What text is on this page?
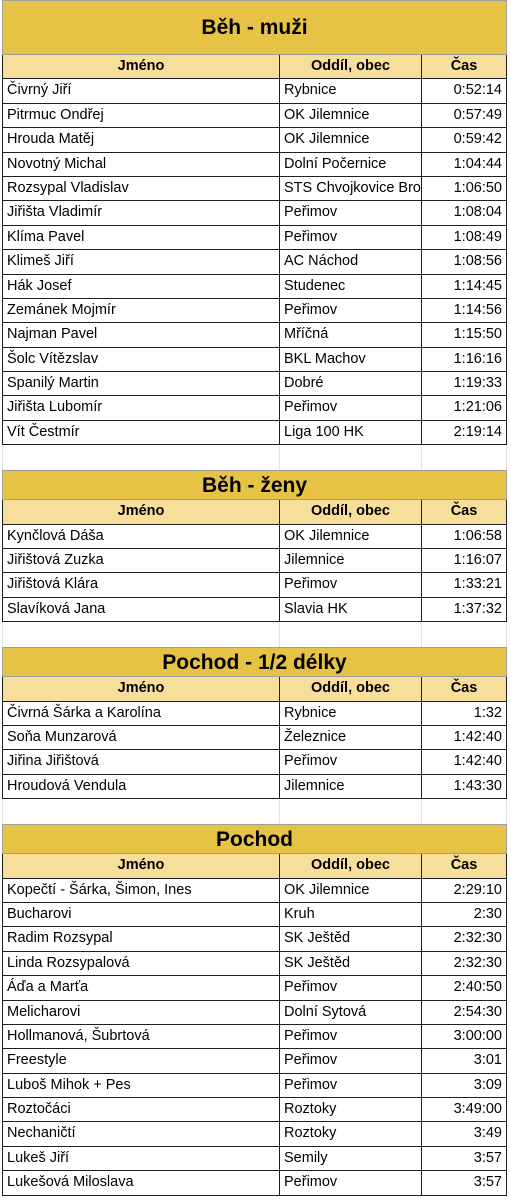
Běh - muži
Jméno	Oddíl, obec	Čas
Čivrný Jiří	Rybnice	0:52:14
Pitrmuc Ondřej	OK Jilemnice	0:57:49
Hrouda Matěj	OK Jilemnice	0:59:42
Novotný Michal	Dolní Počernice	1:04:44
Rozsypal Vladislav	STS Chvojkovice Bro	1:06:50
Jiřišta Vladimír	Peřimov	1:08:04
Klíma Pavel	Peřimov	1:08:49
Klimeš Jiří	AC Náchod	1:08:56
Hák Josef	Studenec	1:14:45
Zemánek Mojmír	Peřimov	1:14:56
Najman Pavel	Mříčná	1:15:50
Šolc Vítězslav	BKL Machov	1:16:16
Spanilý Martin	Dobré	1:19:33
Jiřišta Lubomír	Peřimov	1:21:06
Vít Čestmír	Liga 100 HK	2:19:14
Běh - ženy
Jméno	Oddíl, obec	Čas
Kynčlová Dáša	OK Jilemnice	1:06:58
Jiřištová Zuzka	Jilemnice	1:16:07
Jiřištová Klára	Peřimov	1:33:21
Slavíková Jana	Slavia HK	1:37:32
Pochod - 1/2 délky
Jméno	Oddíl, obec	Čas
Čivrná Šárka a Karolína	Rybnice	1:32
Soňa Munzarová	Železnice	1:42:40
Jiřina Jiřištová	Peřimov	1:42:40
Hroudová Vendula	Jilemnice	1:43:30
Pochod
Jméno	Oddíl, obec	Čas
Kopečtí - Šárka, Šimon, Ines	OK Jilemnice	2:29:10
Bucharovi	Kruh	2:30
Radim Rozsypal	SK Ještěd	2:32:30
Linda Rozsypalová	SK Ještěd	2:32:30
Áďa a Marťa	Peřimov	2:40:50
Melicharovi	Dolní Sytová	2:54:30
Hollmanová, Šubrtová	Peřimov	3:00:00
Freestyle	Peřimov	3:01
Luboš Mihok + Pes	Peřimov	3:09
Roztočáci	Roztoky	3:49:00
Nechaničtí	Roztoky	3:49
Lukeš Jiří	Semily	3:57
Lukešová Miloslava	Peřimov	3:57
